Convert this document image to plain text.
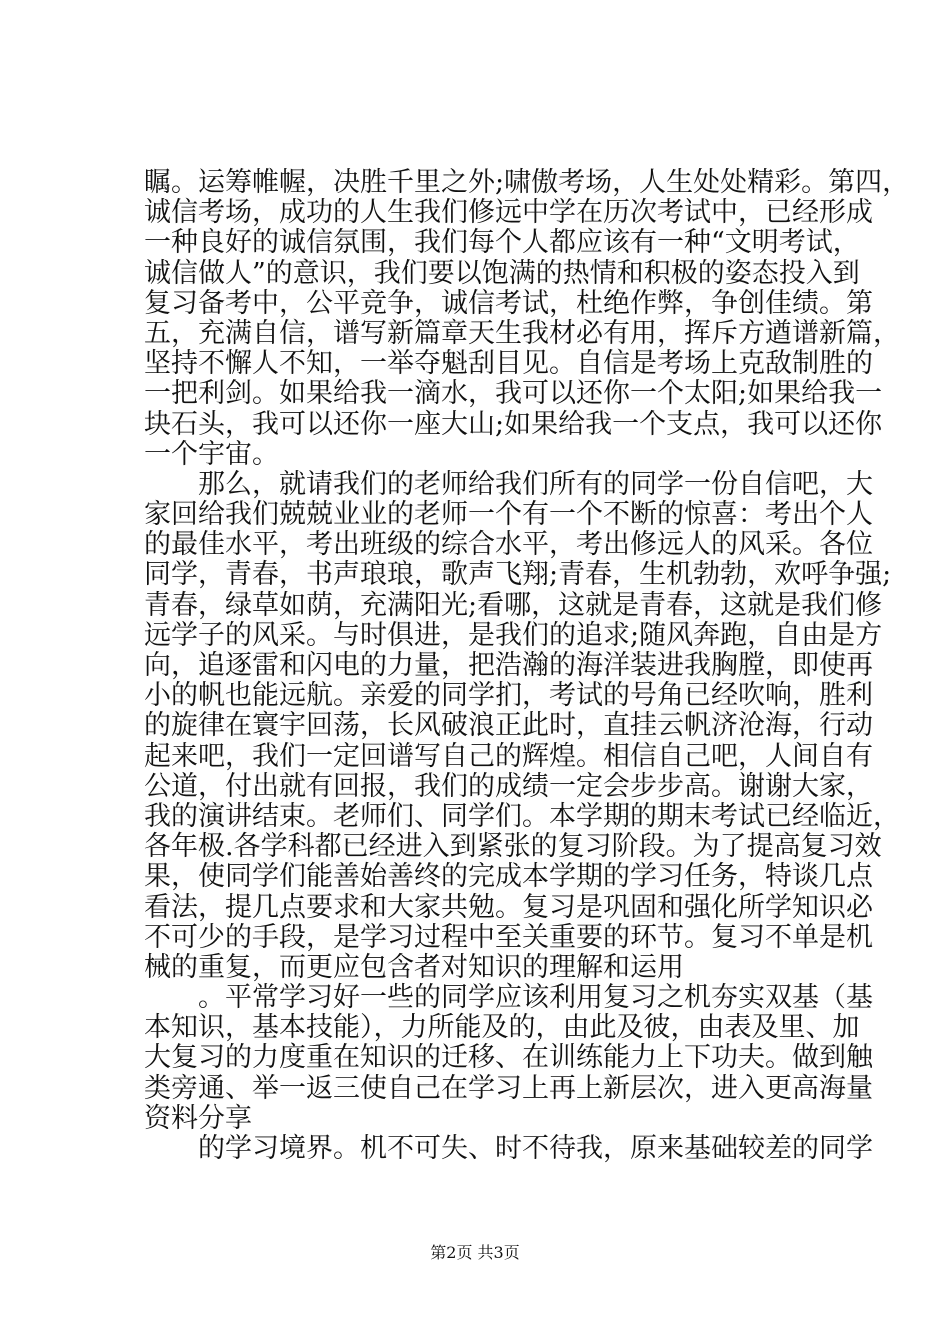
瞩。运筹帷幄，决胜千里之外;啸傲考场，人生处处精彩。第四，
诚信考场，成功的人生我们修远中学在历次考试中，已经形成
一种良好的诚信氛围，我们每个人都应该有一种“文明考试，
诚信做人”的意识，我们要以饱满的热情和积极的姿态投入到
复习备考中，公平竞争，诚信考试，杜绝作弊，争创佳绩。第
五，充满自信，谱写新篇章天生我材必有用，挥斥方遒谱新篇，
坚持不懈人不知，一举夺魁刮目见。自信是考场上克敌制胜的
一把利剑。如果给我一滴水，我可以还你一个太阳;如果给我一
块石头，我可以还你一座大山;如果给我一个支点，我可以还你
一个宇宙。
　　那么，就请我们的老师给我们所有的同学一份自信吧，大
家回给我们兢兢业业的老师一个有一个不断的惊喜：考出个人
的最佳水平，考出班级的综合水平，考出修远人的风采。各位
同学，青春，书声琅琅，歌声飞翔;青春，生机勃勃，欢呼争强;
青春，绿草如荫，充满阳光;看哪，这就是青春，这就是我们修
远学子的风采。与时俱进，是我们的追求;随风奔跑，自由是方
向，追逐雷和闪电的力量，把浩瀚的海洋装进我胸膛，即使再
小的帆也能远航。亲爱的同学扪，考试的号角已经吹响，胜利
的旋律在寰宇回荡，长风破浪正此时，直挂云帆济沧海，行动
起来吧，我们一定回谱写自己的辉煌。相信自己吧，人间自有
公道，付出就有回报，我们的成绩一定会步步高。谢谢大家，
我的演讲结束。老师们、同学们。本学期的期末考试已经临近，
各年极.各学科都已经进入到紧张的复习阶段。为了提高复习效
果，使同学们能善始善终的完成本学期的学习任务，特谈几点
看法，提几点要求和大家共勉。复习是巩固和强化所学知识必
不可少的手段，是学习过程中至关重要的环节。复习不单是机
械的重复，而更应包含者对知识的理解和运用
　　。平常学习好一些的同学应该利用复习之机夯实双基（基
本知识，基本技能），力所能及的，由此及彼，由表及里、加
大复习的力度重在知识的迁移、在训练能力上下功夫。做到触
类旁通、举一返三使自己在学习上再上新层次，进入更高海量
资料分享
　　的学习境界。机不可失、时不待我，原来基础较差的同学
第2页 共3页
